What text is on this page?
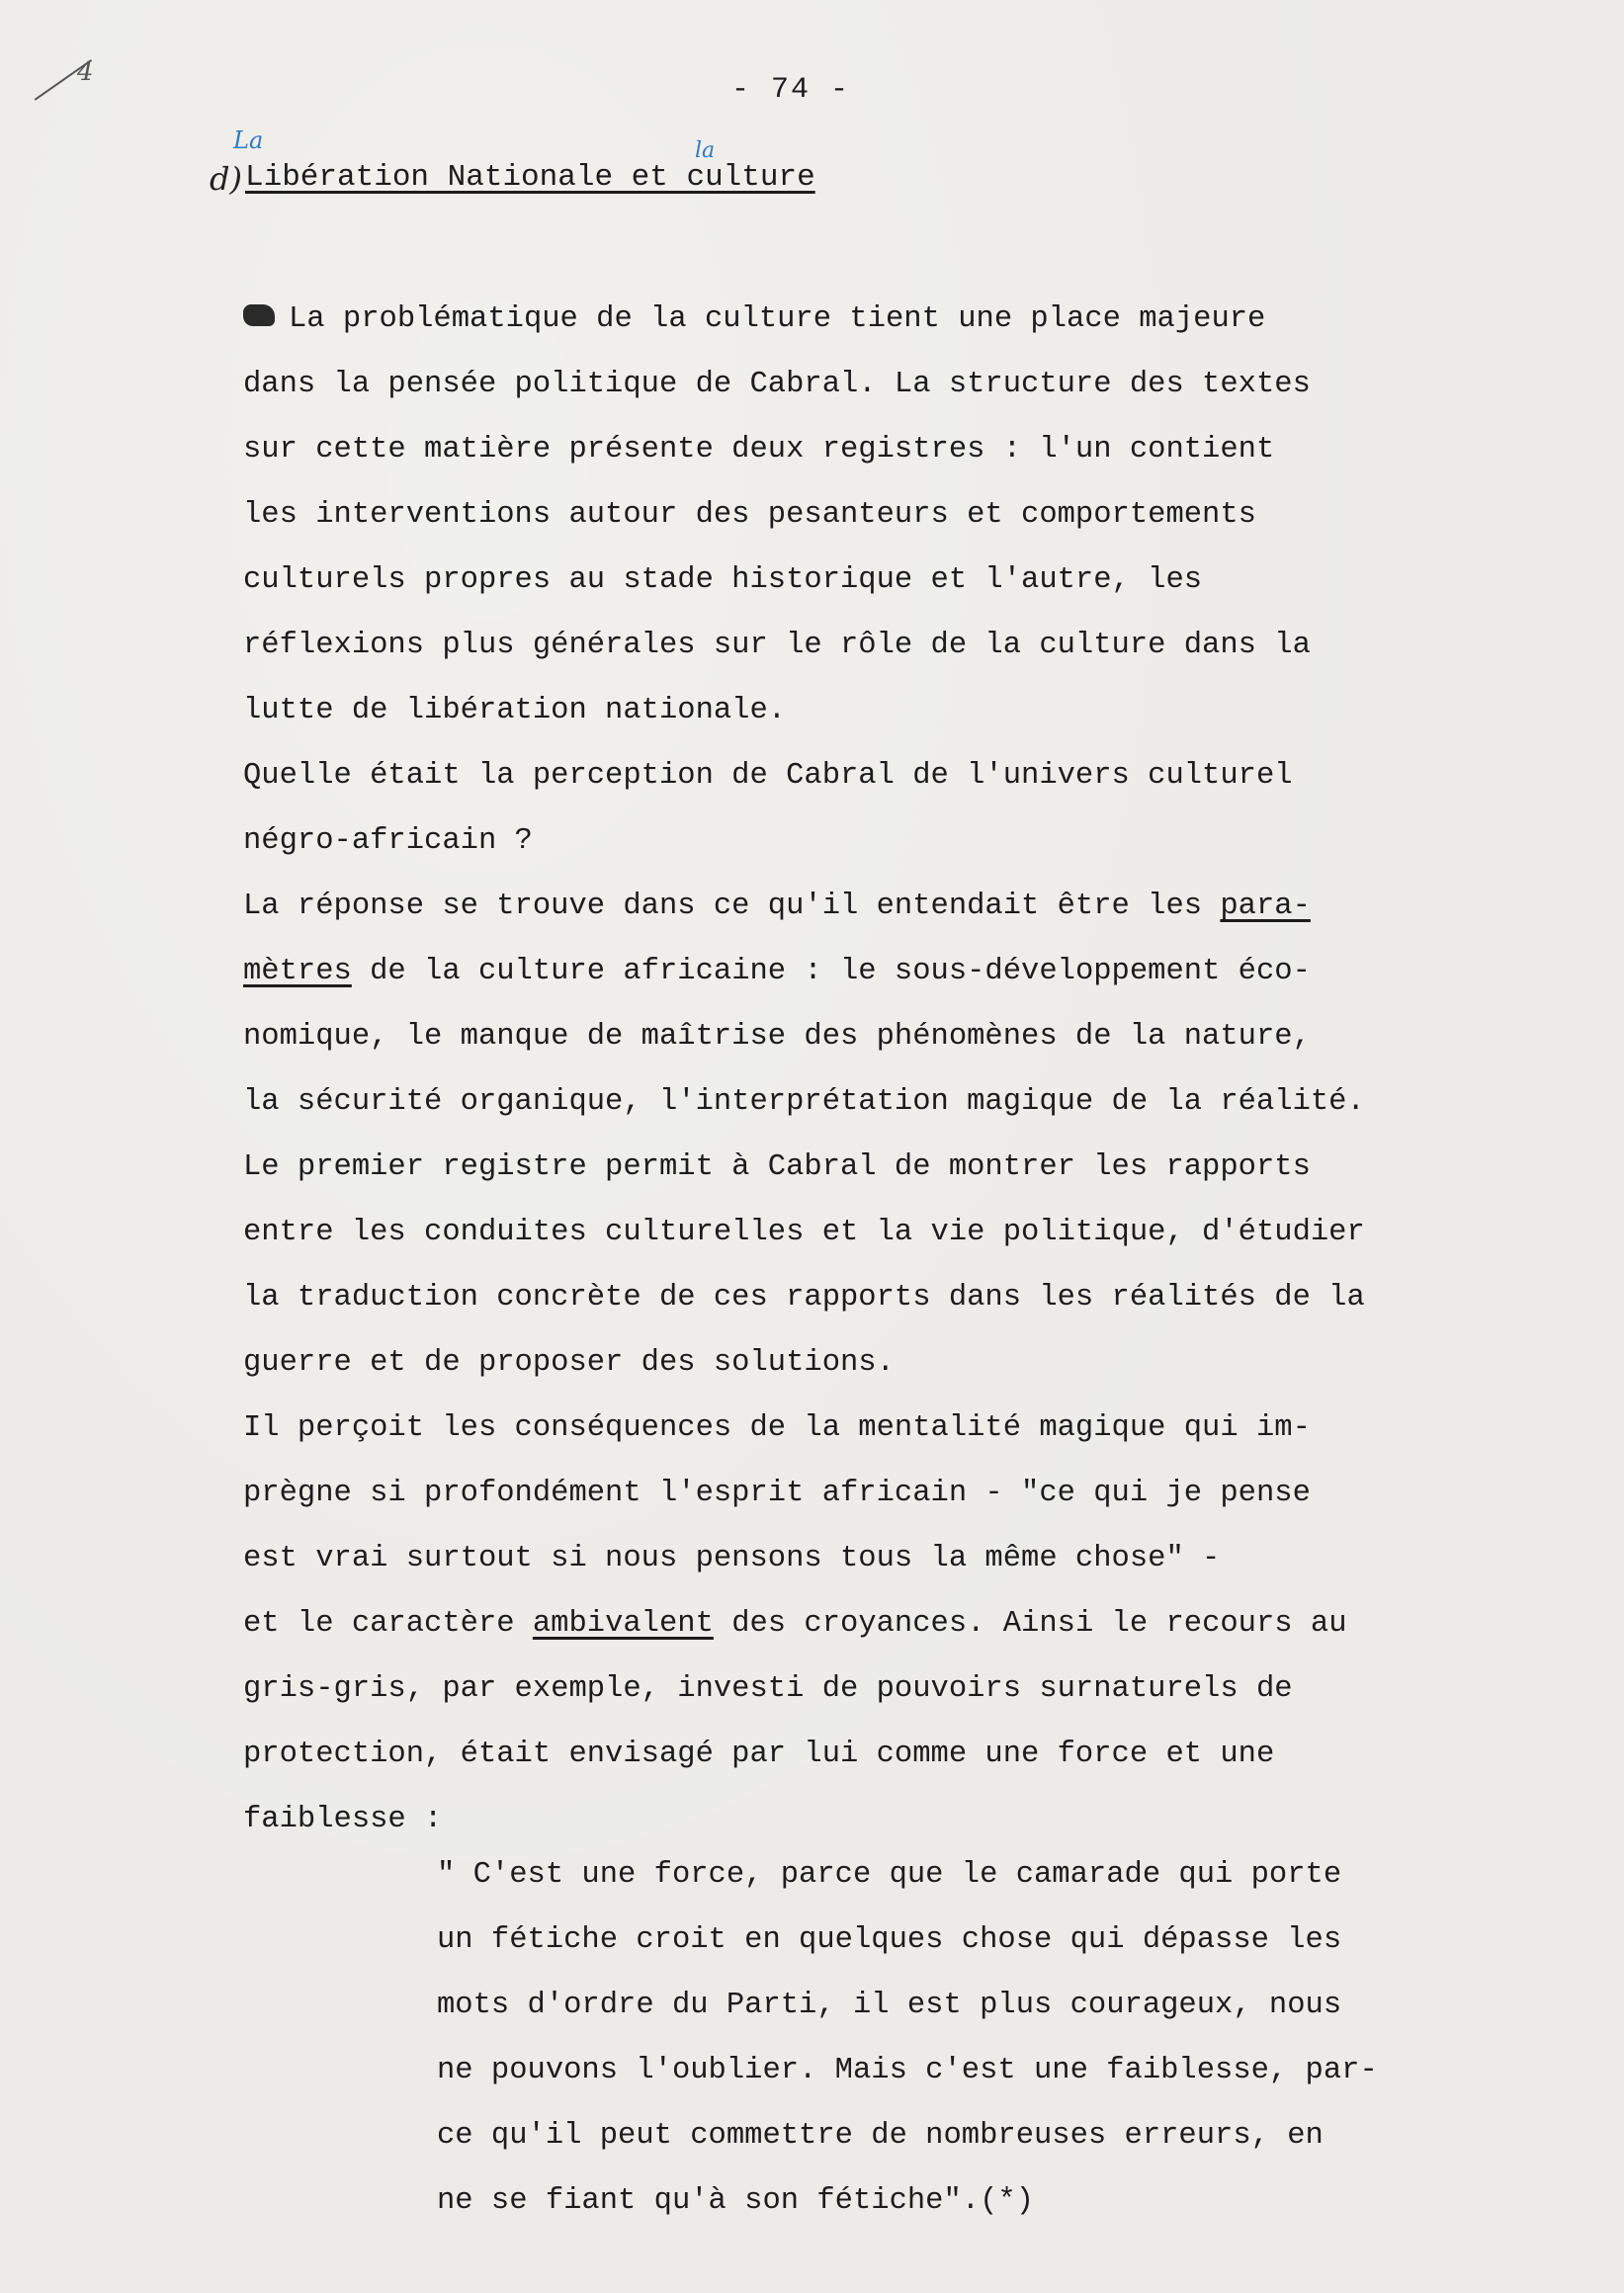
4
- 74 -
La	la
d) Libération Nationale et culture
La problématique de la culture tient une place majeure
dans la pensée politique de Cabral. La structure des textes
sur cette matière présente deux registres : l'un contient
les interventions autour des pesanteurs et comportements
culturels propres au stade historique et l'autre, les
réflexions plus générales sur le rôle de la culture dans la
lutte de libération nationale.
Quelle était la perception de Cabral de l'univers culturel
négro-africain ?
La réponse se trouve dans ce qu'il entendait être les para-
mètres de la culture africaine : le sous-développement éco-
nomique, le manque de maîtrise des phénomènes de la nature,
la sécurité organique, l'interprétation magique de la réalité.
Le premier registre permit à Cabral de montrer les rapports
entre les conduites culturelles et la vie politique, d'étudier
la traduction concrète de ces rapports dans les réalités de la
guerre et de proposer des solutions.
Il perçoit les conséquences de la mentalité magique qui im-
prègne si profondément l'esprit africain - "ce qui je pense
est vrai surtout si nous pensons tous la même chose" -
et le caractère ambivalent des croyances. Ainsi le recours au
gris-gris, par exemple, investi de pouvoirs surnaturels de
protection, était envisagé par lui comme une force et une
faiblesse :
" C'est une force, parce que le camarade qui porte
un fétiche croit en quelques chose qui dépasse les
mots d'ordre du Parti, il est plus courageux, nous
ne pouvons l'oublier. Mais c'est une faiblesse, par-
ce qu'il peut commettre de nombreuses erreurs, en
ne se fiant qu'à son fétiche".(*)
